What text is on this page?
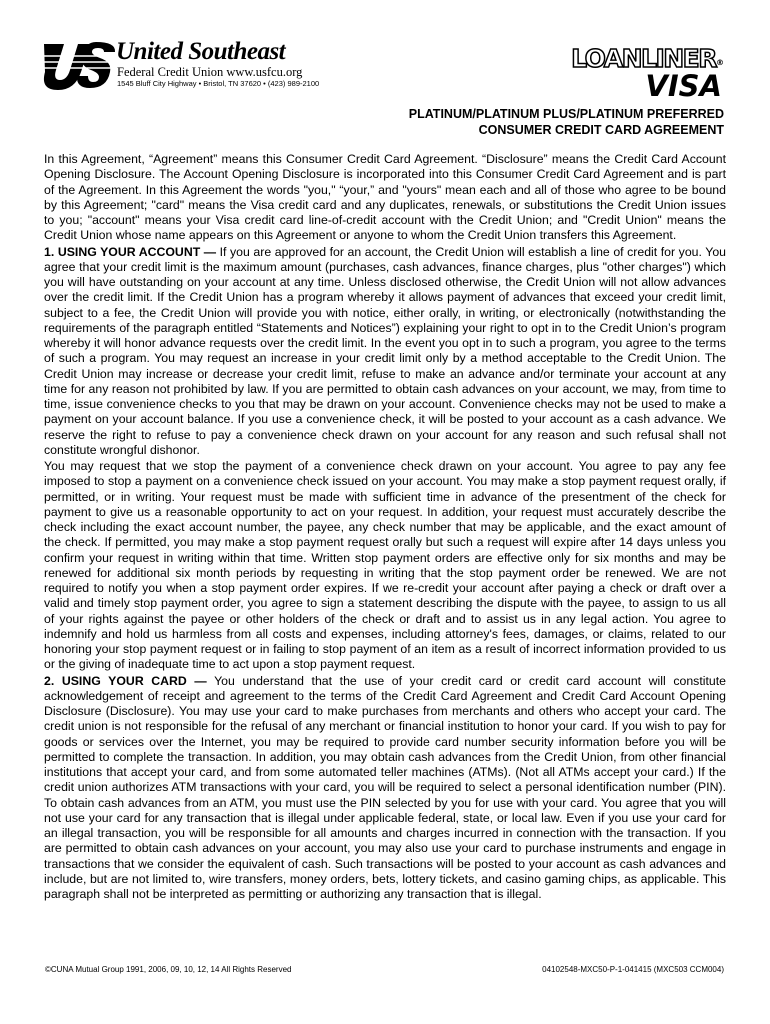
United Southeast
Federal Credit Union www.usfcu.org
1545 Bluff City Highway • Bristol, TN 37620 • (423) 989-2100
LOANLINER®
VISA
PLATINUM/PLATINUM PLUS/PLATINUM PREFERRED
CONSUMER CREDIT CARD AGREEMENT

In this Agreement, “Agreement” means this Consumer Credit Card Agreement. “Disclosure” means the Credit Card Account Opening Disclosure. The Account Opening Disclosure is incorporated into this Consumer Credit Card Agreement and is part of the Agreement. In this Agreement the words "you," “your,” and "yours" mean each and all of those who agree to be bound by this Agreement; "card" means the Visa credit card and any duplicates, renewals, or substitutions the Credit Union issues to you; "account" means your Visa credit card line-of-credit account with the Credit Union; and "Credit Union" means the Credit Union whose name appears on this Agreement or anyone to whom the Credit Union transfers this Agreement.

1. USING YOUR ACCOUNT — If you are approved for an account, the Credit Union will establish a line of credit for you. You agree that your credit limit is the maximum amount (purchases, cash advances, finance charges, plus "other charges") which you will have outstanding on your account at any time. Unless disclosed otherwise, the Credit Union will not allow advances over the credit limit. If the Credit Union has a program whereby it allows payment of advances that exceed your credit limit, subject to a fee, the Credit Union will provide you with notice, either orally, in writing, or electronically (notwithstanding the requirements of the paragraph entitled “Statements and Notices”) explaining your right to opt in to the Credit Union’s program whereby it will honor advance requests over the credit limit. In the event you opt in to such a program, you agree to the terms of such a program. You may request an increase in your credit limit only by a method acceptable to the Credit Union. The Credit Union may increase or decrease your credit limit, refuse to make an advance and/or terminate your account at any time for any reason not prohibited by law. If you are permitted to obtain cash advances on your account, we may, from time to time, issue convenience checks to you that may be drawn on your account. Convenience checks may not be used to make a payment on your account balance. If you use a convenience check, it will be posted to your account as a cash advance. We reserve the right to refuse to pay a convenience check drawn on your account for any reason and such refusal shall not constitute wrongful dishonor.

You may request that we stop the payment of a convenience check drawn on your account. You agree to pay any fee imposed to stop a payment on a convenience check issued on your account. You may make a stop payment request orally, if permitted, or in writing. Your request must be made with sufficient time in advance of the presentment of the check for payment to give us a reasonable opportunity to act on your request. In addition, your request must accurately describe the check including the exact account number, the payee, any check number that may be applicable, and the exact amount of the check. If permitted, you may make a stop payment request orally but such a request will expire after 14 days unless you confirm your request in writing within that time. Written stop payment orders are effective only for six months and may be renewed for additional six month periods by requesting in writing that the stop payment order be renewed. We are not required to notify you when a stop payment order expires. If we re-credit your account after paying a check or draft over a valid and timely stop payment order, you agree to sign a statement describing the dispute with the payee, to assign to us all of your rights against the payee or other holders of the check or draft and to assist us in any legal action. You agree to indemnify and hold us harmless from all costs and expenses, including attorney's fees, damages, or claims, related to our honoring your stop payment request or in failing to stop payment of an item as a result of incorrect information provided to us or the giving of inadequate time to act upon a stop payment request.

2. USING YOUR CARD — You understand that the use of your credit card or credit card account will constitute acknowledgement of receipt and agreement to the terms of the Credit Card Agreement and Credit Card Account Opening Disclosure (Disclosure). You may use your card to make purchases from merchants and others who accept your card. The credit union is not responsible for the refusal of any merchant or financial institution to honor your card. If you wish to pay for goods or services over the Internet, you may be required to provide card number security information before you will be permitted to complete the transaction. In addition, you may obtain cash advances from the Credit Union, from other financial institutions that accept your card, and from some automated teller machines (ATMs). (Not all ATMs accept your card.) If the credit union authorizes ATM transactions with your card, you will be required to select a personal identification number (PIN). To obtain cash advances from an ATM, you must use the PIN selected by you for use with your card. You agree that you will not use your card for any transaction that is illegal under applicable federal, state, or local law. Even if you use your card for an illegal transaction, you will be responsible for all amounts and charges incurred in connection with the transaction. If you are permitted to obtain cash advances on your account, you may also use your card to purchase instruments and engage in transactions that we consider the equivalent of cash. Such transactions will be posted to your account as cash advances and include, but are not limited to, wire transfers, money orders, bets, lottery tickets, and casino gaming chips, as applicable. This paragraph shall not be interpreted as permitting or authorizing any transaction that is illegal.

©CUNA Mutual Group 1991, 2006, 09, 10, 12, 14 All Rights Reserved	04102548-MXC50-P-1-041415 (MXC503 CCM004)
